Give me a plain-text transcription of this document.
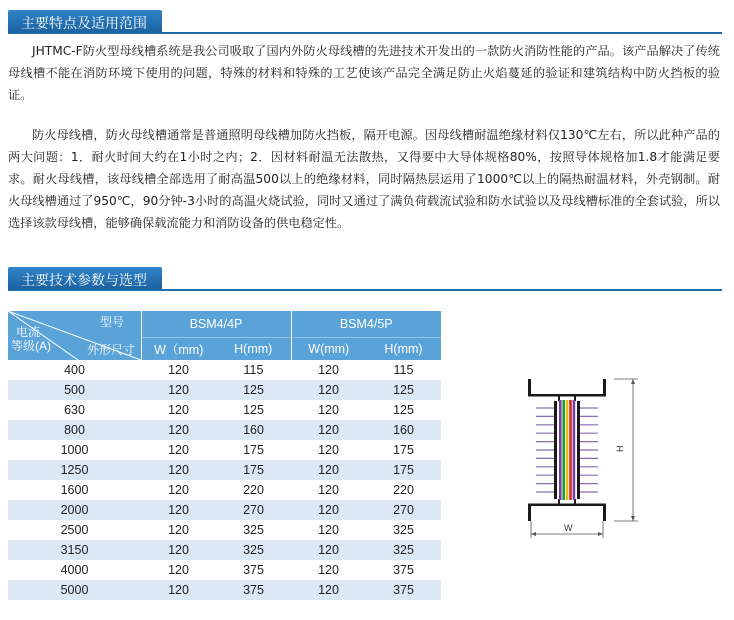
主要特点及适用范围

JHTMC-F防火型母线槽系统是我公司吸取了国内外防火母线槽的先进技术开发出的一款防火消防性能的产品。该产品解决了传统母线槽不能在消防环境下使用的问题，特殊的材料和特殊的工艺使该产品完全满足防止火焰蔓延的验证和建筑结构中防火挡板的验证。

防火母线槽，防火母线槽通常是普通照明母线槽加防火挡板，隔开电源。因母线槽耐温绝缘材料仅130℃左右，所以此种产品的两大问题：1．耐火时间大约在1小时之内；2．因材料耐温无法散热，又得要中大导体规格80%，按照导体规格加1.8才能满足要求。耐火母线槽，该母线槽全部选用了耐高温500以上的绝缘材料，同时隔热层运用了1000℃以上的隔热耐温材料，外壳钢制。耐火母线槽通过了950℃，90分钟-3小时的高温火烧试验，同时又通过了满负荷载流试验和防水试验以及母线槽标准的全套试验，所以选择该款母线槽，能够确保载流能力和消防设备的供电稳定性。

主要技术参数与选型
型号
电流
等级(A) 外形尺寸	BSM4/4P		BSM4/5P	
	W（mm)	H(mm)	W(mm)	H(mm)
400	120	115	120	115
500	120	125	120	125
630	120	125	120	125
800	120	160	120	160
1000	120	175	120	175
1250	120	175	120	175
1600	120	220	120	220
2000	120	270	120	270
2500	120	325	120	325
3150	120	325	120	325
4000	120	375	120	375
5000	120	375	120	375
H
W
